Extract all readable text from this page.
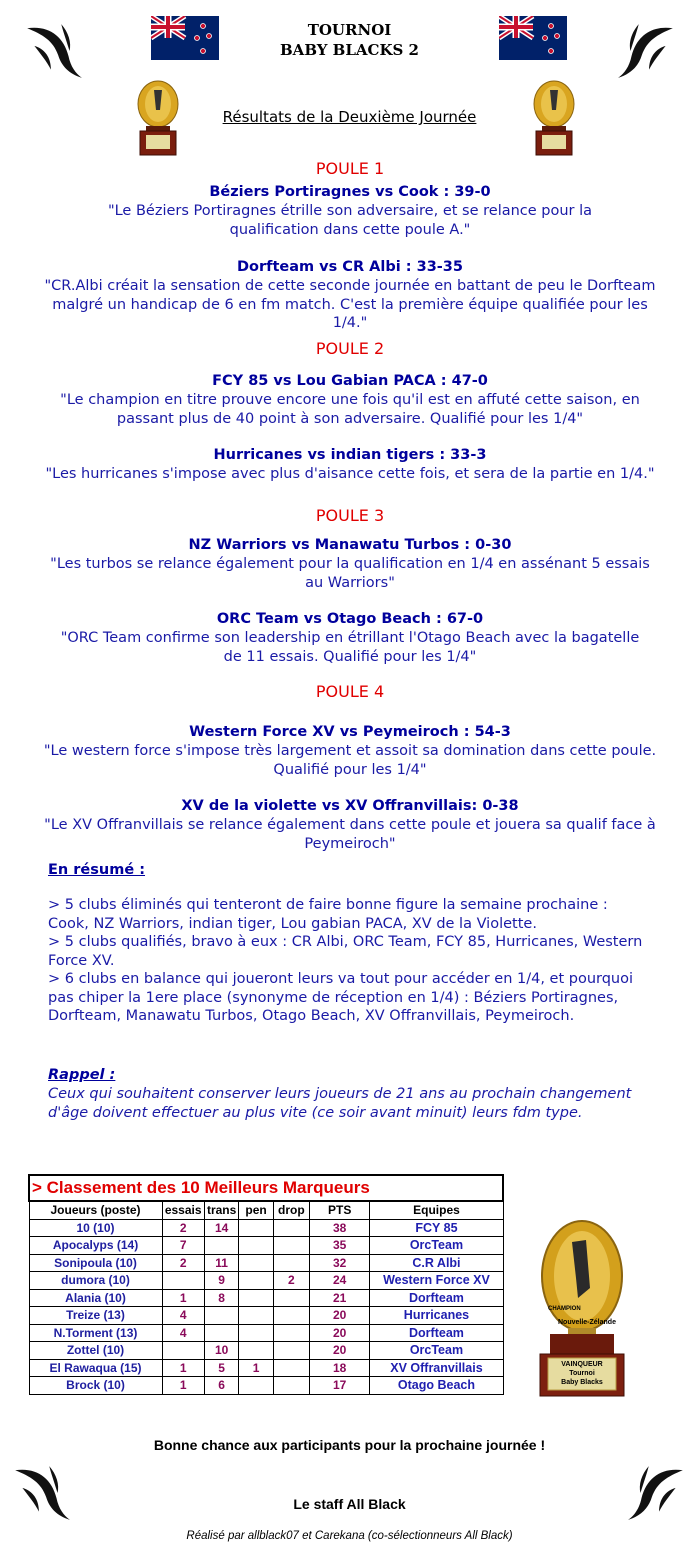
TOURNOI
BABY BLACKS 2
Résultats de la Deuxième Journée
POULE 1
Béziers Portiragnes vs Cook : 39-0
"Le Béziers Portiragnes étrille son adversaire, et se relance pour la qualification dans cette poule A."
Dorfteam vs CR Albi : 33-35
"CR.Albi créait la sensation de cette seconde journée en battant de peu le Dorfteam malgré un handicap de 6 en fm match. C'est la première équipe qualifiée pour les 1/4."
POULE 2
FCY 85 vs Lou Gabian PACA : 47-0
"Le champion en titre prouve encore une fois qu'il est en affuté cette saison, en passant plus de 40 point à son adversaire. Qualifié pour les 1/4"
Hurricanes vs indian tigers : 33-3
"Les hurricanes s'impose avec plus d'aisance cette fois, et sera de la partie en 1/4."
POULE 3
NZ Warriors vs Manawatu Turbos : 0-30
"Les turbos se relance également pour la qualification en 1/4 en assénant 5 essais au Warriors"
ORC Team vs Otago Beach : 67-0
"ORC Team confirme son leadership en étrillant l'Otago Beach avec la bagatelle de 11 essais. Qualifié pour les 1/4"
POULE 4
Western Force XV vs Peymeiroch : 54-3
"Le western force s'impose très largement et assoit sa domination dans cette poule. Qualifié pour les 1/4"
XV de la violette vs XV Offranvillais: 0-38
"Le XV Offranvillais se relance également dans cette poule et jouera sa qualif face à Peymeiroch"
En résumé :
> 5 clubs éliminés qui tenteront de faire bonne figure la semaine prochaine : Cook, NZ Warriors, indian tiger, Lou gabian PACA, XV de la Violette.
> 5 clubs qualifiés, bravo à eux : CR Albi, ORC Team, FCY 85, Hurricanes, Western Force XV.
> 6 clubs en balance qui joueront leurs va tout pour accéder en 1/4, et pourquoi pas chiper la 1ere place (synonyme de réception en 1/4) : Béziers Portiragnes, Dorfteam, Manawatu Turbos, Otago Beach, XV Offranvillais, Peymeiroch.
Rappel :
Ceux qui souhaitent conserver leurs joueurs de 21 ans au prochain changement d'âge doivent effectuer au plus vite (ce soir avant minuit) leurs fdm type.
> Classement des 10 Meilleurs Marqueurs						
Joueurs (poste)	essais	trans	pen	drop	PTS	Equipes
10 (10)	2	14			38	FCY 85
Apocalyps (14)	7				35	OrcTeam
Sonipoula (10)	2	11			32	C.R Albi
dumora (10)		9		2	24	Western Force XV
Alania (10)	1	8			21	Dorfteam
Treize (13)	4				20	Hurricanes
N.Torment (13)	4				20	Dorfteam
Zottel (10)		10			20	OrcTeam
El Rawaqua (15)	1	5	1		18	XV Offranvillais
Brock (10)	1	6			17	Otago Beach
CHAMPION
Nouvelle-Zélande
VAINQUEUR
Tournoi
Baby Blacks
Bonne chance aux participants pour la prochaine journée !
Le staff All Black
Réalisé par allblack07 et Carekana (co-sélectionneurs All Black)
